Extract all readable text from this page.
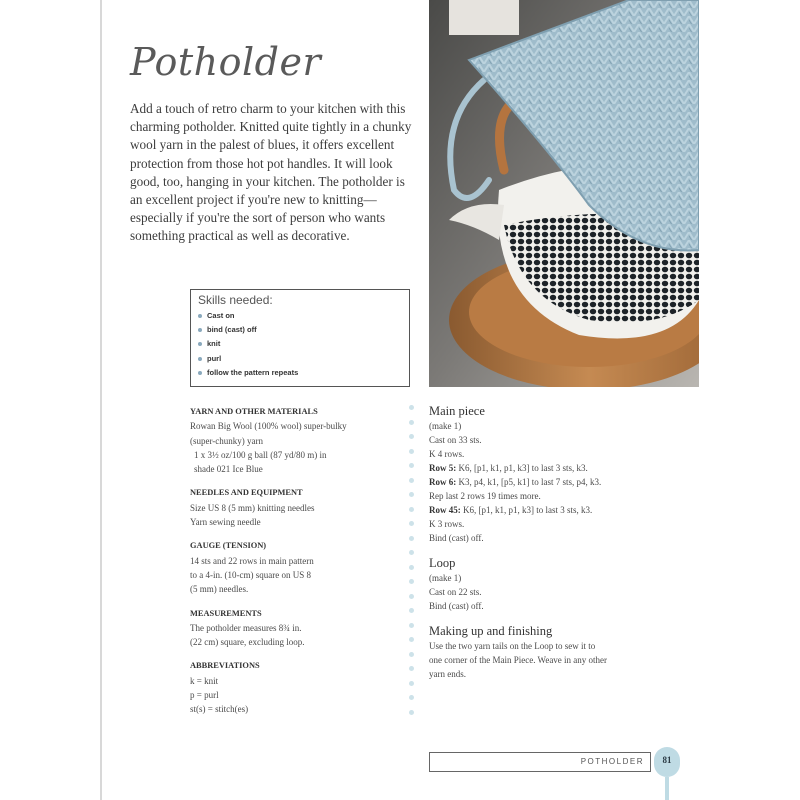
Potholder
Add a touch of retro charm to your kitchen with this charming potholder. Knitted quite tightly in a chunky wool yarn in the palest of blues, it offers excellent protection from those hot pot handles. It will look good, too, hanging in your kitchen. The potholder is an excellent project if you're new to knitting—especially if you're the sort of person who wants something practical as well as decorative.
Skills needed:
Cast on
bind (cast) off
knit
purl
follow the pattern repeats
YARN AND OTHER MATERIALS
Rowan Big Wool (100% wool) super-bulky
(super-chunky) yarn
1 x 3½ oz/100 g ball (87 yd/80 m) in
shade 021 Ice Blue
NEEDLES AND EQUIPMENT
Size US 8 (5 mm) knitting needles
Yarn sewing needle
GAUGE (TENSION)
14 sts and 22 rows in main pattern
to a 4-in. (10-cm) square on US 8
(5 mm) needles.
MEASUREMENTS
The potholder measures 8¾ in.
(22 cm) square, excluding loop.
ABBREVIATIONS
k = knit
p = purl
st(s) = stitch(es)
Main piece
(make 1)
Cast on 33 sts.
K 4 rows.
Row 5: K6, [p1, k1, p1, k3] to last 3 sts, k3.
Row 6: K3, p4, k1, [p5, k1] to last 7 sts, p4, k3.
Rep last 2 rows 19 times more.
Row 45: K6, [p1, k1, p1, k3] to last 3 sts, k3.
K 3 rows.
Bind (cast) off.
Loop
(make 1)
Cast on 22 sts.
Bind (cast) off.
Making up and finishing
Use the two yarn tails on the Loop to sew it to
one corner of the Main Piece. Weave in any other
yarn ends.
POTHOLDER	81
